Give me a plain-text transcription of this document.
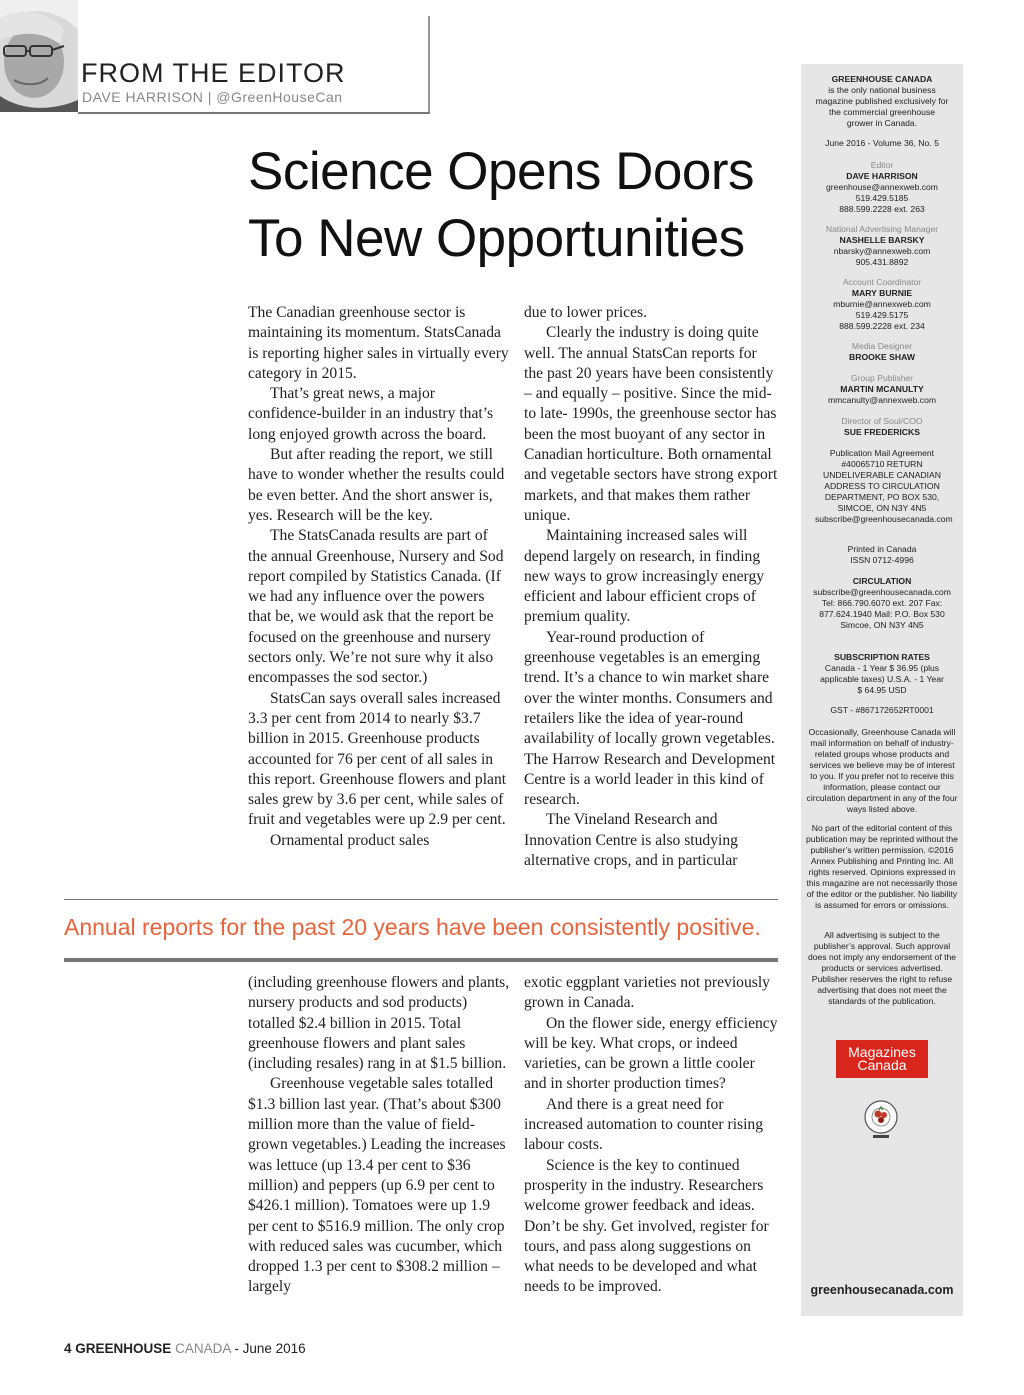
FROM THE EDITOR
DAVE HARRISON | @GreenHouseCan
Science Opens Doors
To New Opportunities

The Canadian greenhouse sector is maintaining its momentum. StatsCanada is reporting higher sales in virtually every category in 2015.

That’s great news, a major confidence-builder in an industry that’s long enjoyed growth across the board.

But after reading the report, we still have to wonder whether the results could be even better. And the short answer is, yes. Research will be the key.

The StatsCanada results are part of the annual Greenhouse, Nursery and Sod report compiled by Statistics Canada. (If we had any influence over the powers that be, we would ask that the report be focused on the greenhouse and nursery sectors only. We’re not sure why it also encompasses the sod sector.)

StatsCan says overall sales increased 3.3 per cent from 2014 to nearly $3.7 billion in 2015. Greenhouse products accounted for 76 per cent of all sales in this report. Greenhouse flowers and plant sales grew by 3.6 per cent, while sales of fruit and vegetables were up 2.9 per cent.

Ornamental product sales

due to lower prices.

Clearly the industry is doing quite well. The annual StatsCan reports for the past 20 years have been consistently – and equally – positive. Since the mid- to late- 1990s, the greenhouse sector has been the most buoyant of any sector in Canadian horticulture. Both ornamental and vegetable sectors have strong export markets, and that makes them rather unique.

Maintaining increased sales will depend largely on research, in finding new ways to grow increasingly energy efficient and labour efficient crops of premium quality.

Year-round production of greenhouse vegetables is an emerging trend. It’s a chance to win market share over the winter months. Consumers and retailers like the idea of year-round availability of locally grown vegetables. The Harrow Research and Development Centre is a world leader in this kind of research.

The Vineland Research and Innovation Centre is also studying alternative crops, and in particular

Annual reports for the past 20 years have been consistently positive.

(including greenhouse flowers and plants, nursery products and sod products) totalled $2.4 billion in 2015. Total greenhouse flowers and plant sales (including resales) rang in at $1.5 billion.

Greenhouse vegetable sales totalled $1.3 billion last year. (That’s about $300 million more than the value of field-grown vegetables.) Leading the increases was lettuce (up 13.4 per cent to $36 million) and peppers (up 6.9 per cent to $426.1 million). Tomatoes were up 1.9 per cent to $516.9 million. The only crop with reduced sales was cucumber, which dropped 1.3 per cent to $308.2 million – largely

exotic eggplant varieties not previously grown in Canada.

On the flower side, energy efficiency will be key. What crops, or indeed varieties, can be grown a little cooler and in shorter production times?

And there is a great need for increased automation to counter rising labour costs.

Science is the key to continued prosperity in the industry. Researchers welcome grower feedback and ideas. Don’t be shy. Get involved, register for tours, and pass along suggestions on what needs to be developed and what needs to be improved.

4 GREENHOUSE CANADA - June 2016
GREENHOUSE CANADA
is the only national business magazine published exclusively for the commercial greenhouse grower in Canada.
June 2016 - Volume 36, No. 5
Editor
DAVE HARRISON
greenhouse@annexweb.com
519.429.5185
888.599.2228 ext. 263
National Advertising Manager
NASHELLE BARSKY
nbarsky@annexweb.com
905.431.8892
Account Coordinator
MARY BURNIE
mburnie@annexweb.com
519.429.5175
888.599.2228 ext. 234
Media Designer
BROOKE SHAW
Group Publisher
MARTIN MCANULTY
mmcanulty@annexweb.com
Director of Soul/COO
SUE FREDERICKS
Publication Mail Agreement #40065710 RETURN UNDELIVERABLE CANADIAN ADDRESS TO CIRCULATION DEPARTMENT, PO BOX 530, SIMCOE, ON N3Y 4N5 subscribe@greenhousecanada.com
Printed in Canada ISSN 0712-4996
CIRCULATION
subscribe@greenhousecanada.com Tel: 866.790.6070 ext. 207 Fax: 877.624.1940 Mail: P.O. Box 530 Simcoe, ON N3Y 4N5
SUBSCRIPTION RATES
Canada - 1 Year $ 36.95 (plus applicable taxes) U.S.A. - 1 Year $ 64.95 USD
GST - #867172652RT0001
Occasionally, Greenhouse Canada will mail information on behalf of industry-related groups whose products and services we believe may be of interest to you. If you prefer not to receive this information, please contact our circulation department in any of the four ways listed above.
No part of the editorial content of this publication may be reprinted without the publisher’s written permission. ©2016 Annex Publishing and Printing Inc. All rights reserved. Opinions expressed in this magazine are not necessarily those of the editor or the publisher. No liability is assumed for errors or omissions.
All advertising is subject to the publisher’s approval. Such approval does not imply any endorsement of the products or services advertised. Publisher reserves the right to refuse advertising that does not meet the standards of the publication.
greenhousecanada.com
Magazines
Canada
